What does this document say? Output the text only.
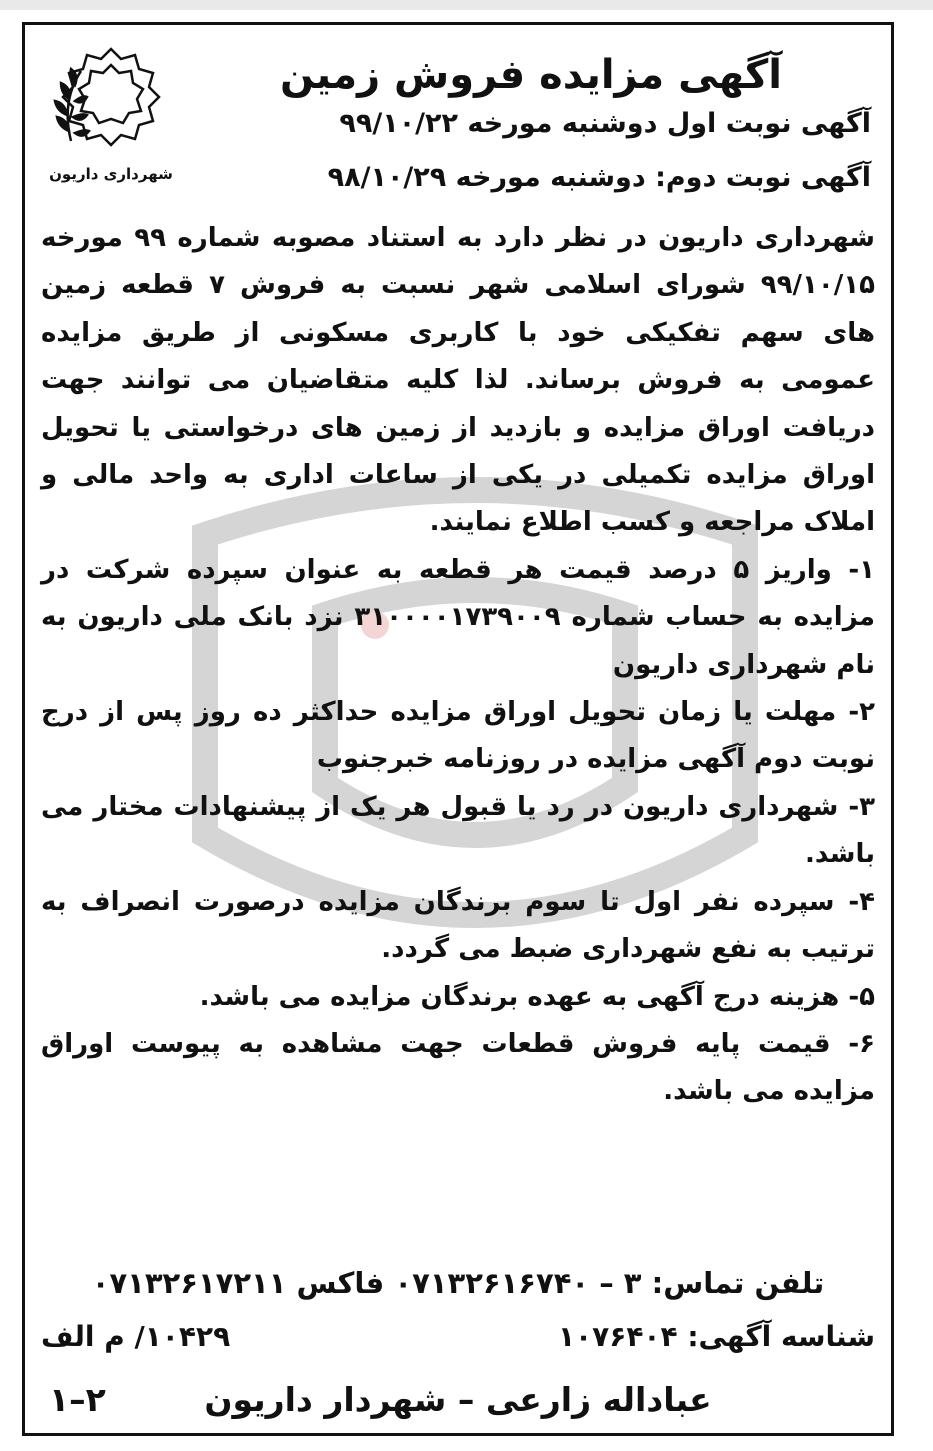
شهرداری داریون
آگهی مزایده فروش زمین
آگهی نوبت اول دوشنبه مورخه ۹۹/۱۰/۲۲
آگهی نوبت دوم: دوشنبه مورخه ۹۸/۱۰/۲۹

شهرداری داریون در نظر دارد به استناد مصوبه شماره ۹۹ مورخه ۹۹/۱۰/۱۵ شورای اسلامی شهر نسبت به فروش ۷ قطعه زمین های سهم تفکیکی خود با کاربری مسکونی از طریق مزایده عمومی به فروش برساند. لذا کلیه متقاضیان می توانند جهت دریافت اوراق مزایده و بازدید از زمین های درخواستی یا تحویل اوراق مزایده تکمیلی در یکی از ساعات اداری به واحد مالی و املاک مراجعه و کسب اطلاع نمایند.

۱- واریز ۵ درصد قیمت هر قطعه به عنوان سپرده شرکت در مزایده به حساب شماره ۳۱۰۰۰۰۱۷۳۹۰۰۹ نزد بانک ملی داریون به نام شهرداری داریون

۲- مهلت یا زمان تحویل اوراق مزایده حداکثر ده روز پس از درج نوبت دوم آگهی مزایده در روزنامه خبرجنوب

۳- شهرداری داریون در رد یا قبول هر یک از پیشنهادات مختار می باشد.

۴- سپرده نفر اول تا سوم برندگان مزایده درصورت انصراف به ترتیب به نفع شهرداری ضبط می گردد.

۵- هزینه درج آگهی به عهده برندگان مزایده می باشد.

۶- قیمت پایه فروش قطعات جهت مشاهده به پیوست اوراق مزایده می باشد.

تلفن تماس: ۳ – ۰۷۱۳۲۶۱۶۷۴۰ فاکس ۰۷۱۳۲۶۱۷۲۱۱
شناسه آگهی: ۱۰۷۶۴۰۴
۱۰۴۲۹/ م الف
عباداله زارعی – شهردار داریون
۱–۲
